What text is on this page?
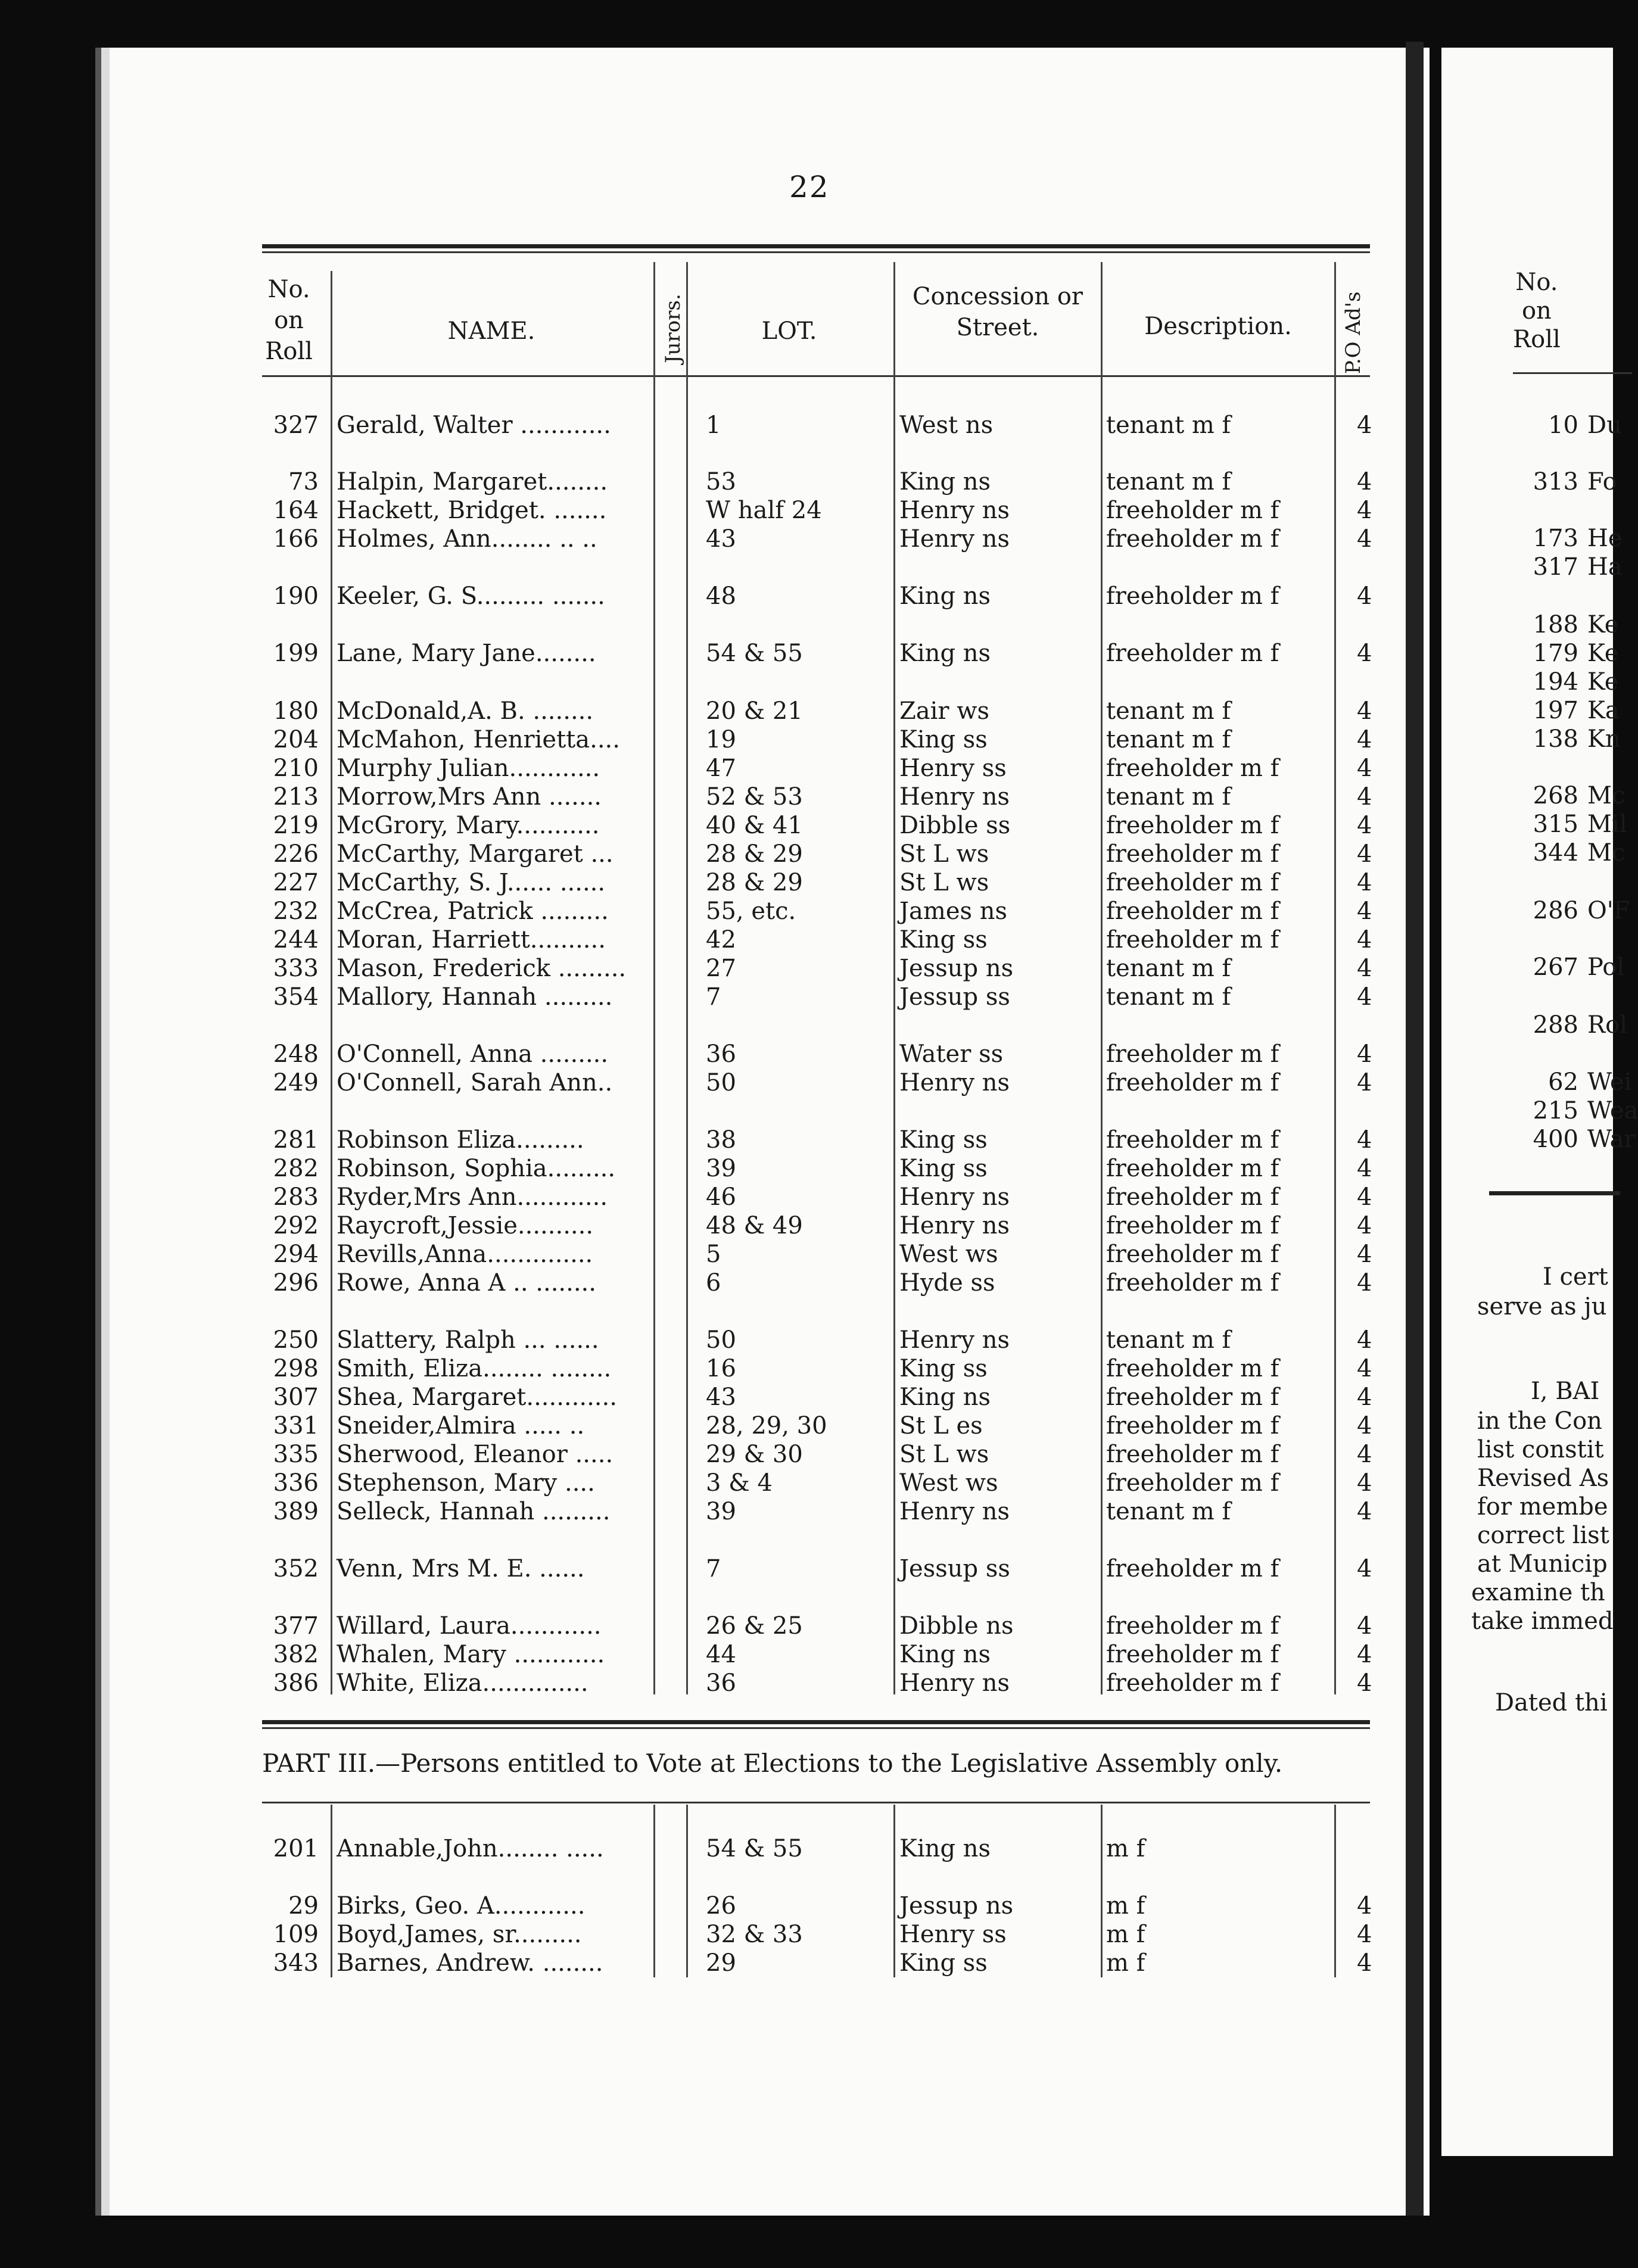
22
No.
on
Roll
NAME.	Jurors.	LOT.
Concession or
Street.	Description.	P.O Ad's
327 Gerald, Walter ............	1	West ns	tenant m f	4
73 Halpin, Margaret........	53	King ns	tenant m f	4
164 Hackett, Bridget. .......	W half 24	Henry ns	freeholder m f	4
166 Holmes, Ann........ .. ..	43	Henry ns	freeholder m f	4
190 Keeler, G. S......... .......	48	King ns	freeholder m f	4
199 Lane, Mary Jane........	54 & 55	King ns	freeholder m f	4
180 McDonald,A. B. ........	20 & 21	Zair ws	tenant m f	4
204 McMahon, Henrietta....	19	King ss	tenant m f	4
210 Murphy Julian............	47	Henry ss	freeholder m f	4
213 Morrow,Mrs Ann .......	52 & 53	Henry ns	tenant m f	4
219 McGrory, Mary...........	40 & 41	Dibble ss	freeholder m f	4
226 McCarthy, Margaret ...	28 & 29	St L ws	freeholder m f	4
227 McCarthy, S. J...... ......	28 & 29	St L ws	freeholder m f	4
232 McCrea, Patrick .........	55, etc.	James ns	freeholder m f	4
244 Moran, Harriett..........	42	King ss	freeholder m f	4
333 Mason, Frederick .........	27	Jessup ns	tenant m f	4
354 Mallory, Hannah .........	7	Jessup ss	tenant m f	4
248 O'Connell, Anna .........	36	Water ss	freeholder m f	4
249 O'Connell, Sarah Ann..	50	Henry ns	freeholder m f	4
281 Robinson Eliza.........	38	King ss	freeholder m f	4
282 Robinson, Sophia.........	39	King ss	freeholder m f	4
283 Ryder,Mrs Ann............	46	Henry ns	freeholder m f	4
292 Raycroft,Jessie..........	48 & 49	Henry ns	freeholder m f	4
294 Revills,Anna..............	5	West ws	freeholder m f	4
296 Rowe, Anna A .. ........	6	Hyde ss	freeholder m f	4
250 Slattery, Ralph ... ......	50	Henry ns	tenant m f	4
298 Smith, Eliza........ ........	16	King ss	freeholder m f	4
307 Shea, Margaret............	43	King ns	freeholder m f	4
331 Sneider,Almira ..... ..	28, 29, 30	St L es	freeholder m f	4
335 Sherwood, Eleanor .....	29 & 30	St L ws	freeholder m f	4
336 Stephenson, Mary ....	3 & 4	West ws	freeholder m f	4
389 Selleck, Hannah .........	39	Henry ns	tenant m f	4
352 Venn, Mrs M. E. ......	7	Jessup ss	freeholder m f	4
377 Willard, Laura............	26 & 25	Dibble ns	freeholder m f	4
382 Whalen, Mary ............	44	King ns	freeholder m f	4
386 White, Eliza..............	36	Henry ns	freeholder m f	4
PART III.—Persons entitled to Vote at Elections to the Legislative Assembly only.
201 Annable,John........ .....	54 & 55	King ns	m f
29 Birks, Geo. A............	26	Jessup ns	m f	4
109 Boyd,James, sr.........	32 & 33	Henry ss	m f	4
343 Barnes, Andrew. ........	29	King ss	m f	4
No.
on
Roll
10 Du
313 Fo
173 He
317 Ha
188 Ke
179 Ke
194 Ke
197 Ka
138 Kn
268 Mc
315 Mil
344 Mc
286 O'F
267 Pol
288 Rol
62 Wei
215 Wea
400 War
I cert
serve as ju
I, BAI
in the Con
list constit
Revised As
for membe
correct list
at Municip
examine th
take immed
Dated thi
